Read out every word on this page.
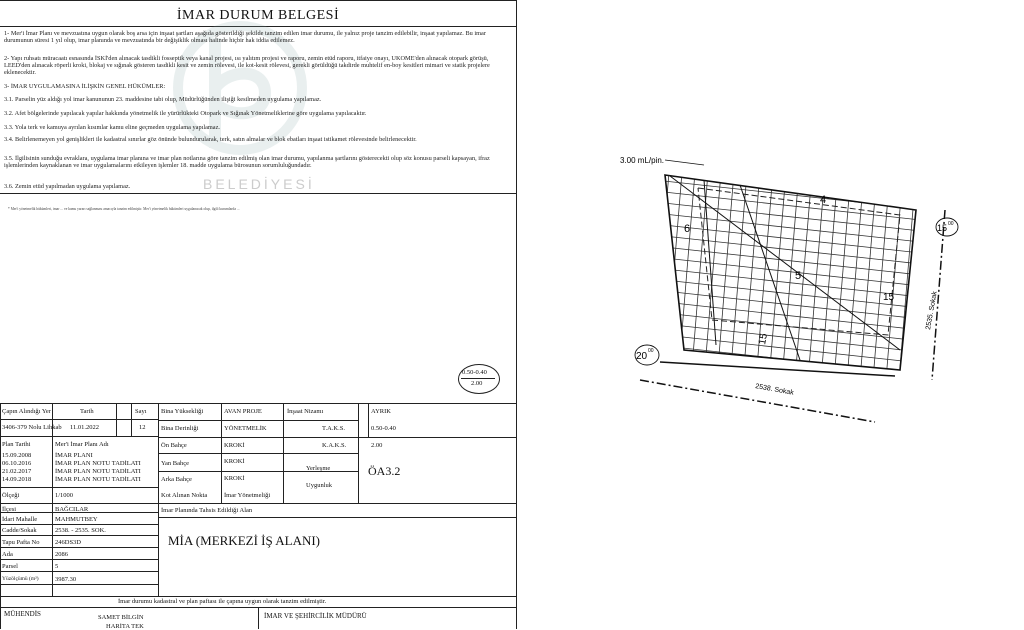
İMAR DURUM BELGESİ
BELEDİYESİ
1- Mer'i İmar Planı ve mevzuatına uygun olarak boş arsa için inşaat şartları aşağıda gösterildiği şekilde tanzim edilen imar durumu, ile yalnız proje tanzim edilebilir, inşaat yapılamaz. Bu imar durumunun süresi 1 yıl olup, imar planında ve mevzuatında bir değişiklik olması halinde hiçbir hak iddia edilemez.
2- Yapı ruhsatı müracaatı esnasında İSKİ'den alınacak tasdikli fosseptik veya kanal projesi, ısı yalıtım projesi ve raporu, zemin etüd raporu, itfaiye onayı, UKOME'den alınacak otopark görüşü, LEED'den alınacak röperli kroki, blokaj ve sığınak gösteren tasdikli kesit ve zemin rölevesi, ile kot-kesit rölevesi, gerekli görüldüğü takdirde muhtelif en-boy kesitleri mimari ve statik projelere eklenecektir.
3- İMAR UYGULAMASINA İLİŞKİN GENEL HÜKÜMLER:
3.1. Parselin yüz aldığı yol imar kanununun 23. maddesine tabi olup, Müdürlüğünden ilişiği kesilmeden uygulama yapılamaz.
3.2. Afet bölgelerinde yapılacak yapılar hakkında yönetmelik ile yürürlükteki Otopark ve Sığınak Yönetmeliklerine göre uygulama yapılacaktır.
3.3. Yola terk ve kamuya ayrılan kısımlar kamu eline geçmeden uygulama yapılamaz.
3.4. Belirlenemeyen yol genişlikleri ile kadastral sınırlar göz önünde bulundurularak, terk, satın almalar ve blok ebatları inşaat istikamet rölevesinde belirlenecektir.
3.5. İlgilisinin sunduğu evraklara, uygulama imar planına ve imar plan notlarına göre tanzim edilmiş olan imar durumu, yapılanma şartlarını gösterecekti olup söz konusu parseli kapsayan, ifraz işlemlerinden kaynaklanan ve imar uygulamalarını etkileyen işlemler 18. madde uygulama bürosunun sorumluluğundadır.
3.6. Zemin etüd yapılmadan uygulama yapılamaz.
* Mer'i yönetmelik hükümleri, imar ... ve kamu yararı sağlanması amacıyla tanzim edilmiştir. Mer'i yönetmelik hükümleri uygulanacak olup, ilgili kurumlarda ...
0.50-0.40
2.00
Çapın Alındığı Yer	Tarih	Sayı
3406-379 Nolu Lihkab 11.01.2022	12
Bina Yüksekliği	AVAN PROJE
Bina Derinliği	YÖNETMELİK
Ön Bahçe	KROKİ
Yan Bahçe	KROKİ
Arka Bahçe	KROKİ
Kot Alınan Nokta	İmar Yönetmeliği
İnşaat Nizamı	AYRIK
T.A.K.S.	0.50-0.40
K.A.K.S.	2.00
Yerleşme
Uygunluk
ÖA3.2
Plan Tarihi	Mer'i İmar Planı Adı
15.09.2008	İMAR PLANI
06.10.2016	İMAR PLAN NOTU TADİLATI
21.02.2017	İMAR PLAN NOTU TADİLATI
14.09.2018	İMAR PLAN NOTU TADİLATI
Ölçeği	1/1000
İmar Planında Tahsis Edildiği Alan
MİA (MERKEZİ İŞ ALANI)
İlçesi	BAĞCILAR
İdari Mahalle	MAHMUTBEY
Cadde/Sokak	2538. - 2535. SOK.
Tapu Pafta No 246DS3D
Ada	2086
Parsel	5
Yüzölçümü (m²)	3987.30
İmar durumu kadastral ve plan paftası ile çapına uygun olarak tanzim edilmiştir.
MÜHENDİS	SAMET BİLGİN
HARİTA TEK
İMAR VE ŞEHİRCİLİK MÜDÜRÜ
3.00 mL/pin.
4
6
5
15
15
2538. Sokak
2535. Sokak
15 00
20 00
